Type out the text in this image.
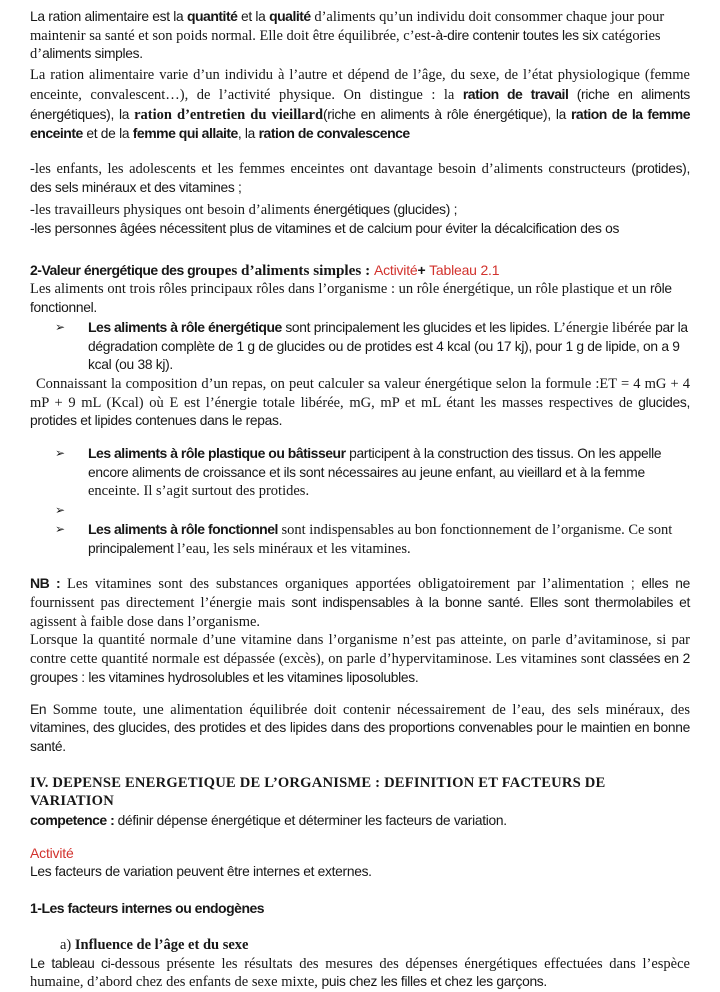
La ration alimentaire est la quantité et la qualité d’aliments qu’un individu doit consommer chaque jour pour maintenir sa santé et son poids normal. Elle doit être équilibrée, c’est-à-dire contenir toutes les six catégories d’aliments simples.
La ration alimentaire varie d’un individu à l’autre et dépend de l’âge, du sexe, de l’état physiologique (femme enceinte, convalescent…), de l’activité physique. On distingue : la ration de travail (riche en aliments énergétiques), la ration d’entretien du vieillard(riche en aliments à rôle énergétique), la ration de la femme enceinte et de la femme qui allaite, la ration de convalescence
-les enfants, les adolescents et les femmes enceintes ont davantage besoin d’aliments constructeurs (protides), des sels minéraux et des vitamines ;
-les travailleurs physiques ont besoin d’aliments énergétiques (glucides) ;
-les personnes âgées nécessitent plus de vitamines et de calcium pour éviter la décalcification des os
2-Valeur énergétique des groupes d’aliments simples : Activité+ Tableau 2.1
Les aliments ont trois rôles principaux rôles dans l’organisme : un rôle énergétique, un rôle plastique et un rôle fonctionnel.
➢	Les aliments à rôle énergétique sont principalement les glucides et les lipides. L’énergie libérée par la dégradation complète de 1 g de glucides ou de protides est 4 kcal (ou 17 kj), pour 1 g de lipide, on a 9 kcal (ou 38 kj).
Connaissant la composition d’un repas, on peut calculer sa valeur énergétique selon la formule :ET = 4 mG + 4 mP + 9 mL (Kcal) où E est l’énergie totale libérée, mG, mP et mL étant les masses respectives de glucides, protides et lipides contenues dans le repas.
➢	Les aliments à rôle plastique ou bâtisseur participent à la construction des tissus. On les appelle encore aliments de croissance et ils sont nécessaires au jeune enfant, au vieillard et à la femme enceinte. Il s’agit surtout des protides.
➢
➢	Les aliments à rôle fonctionnel sont indispensables au bon fonctionnement de l’organisme. Ce sont principalement l’eau, les sels minéraux et les vitamines.
NB : Les vitamines sont des substances organiques apportées obligatoirement par l’alimentation ; elles ne fournissent pas directement l’énergie mais sont indispensables à la bonne santé. Elles sont thermolabiles et agissent à faible dose dans l’organisme.
Lorsque la quantité normale d’une vitamine dans l’organisme n’est pas atteinte, on parle d’avitaminose, si par contre cette quantité normale est dépassée (excès), on parle d’hypervitaminose. Les vitamines sont classées en 2 groupes : les vitamines hydrosolubles et les vitamines liposolubles.
En Somme toute, une alimentation équilibrée doit contenir nécessairement de l’eau, des sels minéraux, des vitamines, des glucides, des protides et des lipides dans des proportions convenables pour le maintien en bonne santé.
IV. DEPENSE ENERGETIQUE DE L’ORGANISME : DEFINITION ET FACTEURS DE VARIATION
competence : définir dépense énergétique et déterminer les facteurs de variation.
Activité
Les facteurs de variation peuvent être internes et externes.
1-Les facteurs internes ou endogènes
a) Influence de l’âge et du sexe
Le tableau ci-dessous présente les résultats des mesures des dépenses énergétiques effectuées dans l’espèce humaine, d’abord chez des enfants de sexe mixte, puis chez les filles et chez les garçons.
